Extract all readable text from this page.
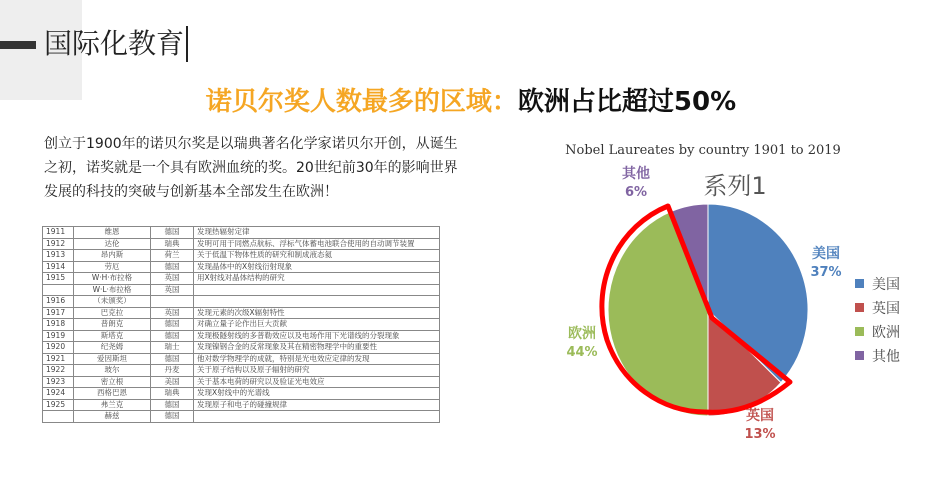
国际化教育
诺贝尔奖人数最多的区域：欧洲占比超过50%
创立于1900年的诺贝尔奖是以瑞典著名化学家诺贝尔开创，从诞生之初，诺奖就是一个具有欧洲血统的奖。20世纪前30年的影响世界发展的科技的突破与创新基本全部发生在欧洲！
1911	维恩	德国	发现热辐射定律
1912	达伦	瑞典	发明可用于同燃点航标、浮标气体蓄电池联合使用的自动调节装置
1913	昂内斯	荷兰	关于低温下物体性质的研究和制成液态氦
1914	劳厄	德国	发现晶体中的X射线衍射现象
1915	W·H·布拉格	英国	用X射线对晶体结构的研究
	W·L·布拉格	英国	
1916	（未颁奖）		
1917	巴克拉	英国	发现元素的次级X辐射特性
1918	普朗克	德国	对确立量子论作出巨大贡献
1919	斯塔克	德国	发现极隧射线的多普勒效应以及电场作用下光谱线的分裂现象
1920	纪尧姆	瑞士	发现镍钢合金的反常现象及其在精密物理学中的重要性
1921	爱因斯坦	德国	他对数学物理学的成就，特别是光电效应定律的发现
1922	玻尔	丹麦	关于原子结构以及原子辐射的研究
1923	密立根	美国	关于基本电荷的研究以及验证光电效应
1924	西格巴恩	瑞典	发现X射线中的光谱线
1925	弗兰克	德国	发现原子和电子的碰撞规律
	赫兹	德国	
Nobel Laureates by country 1901 to 2019
美国
37%
英国
13%
欧洲
44%
其他
6% 系列1
美国
英国
欧洲
其他
